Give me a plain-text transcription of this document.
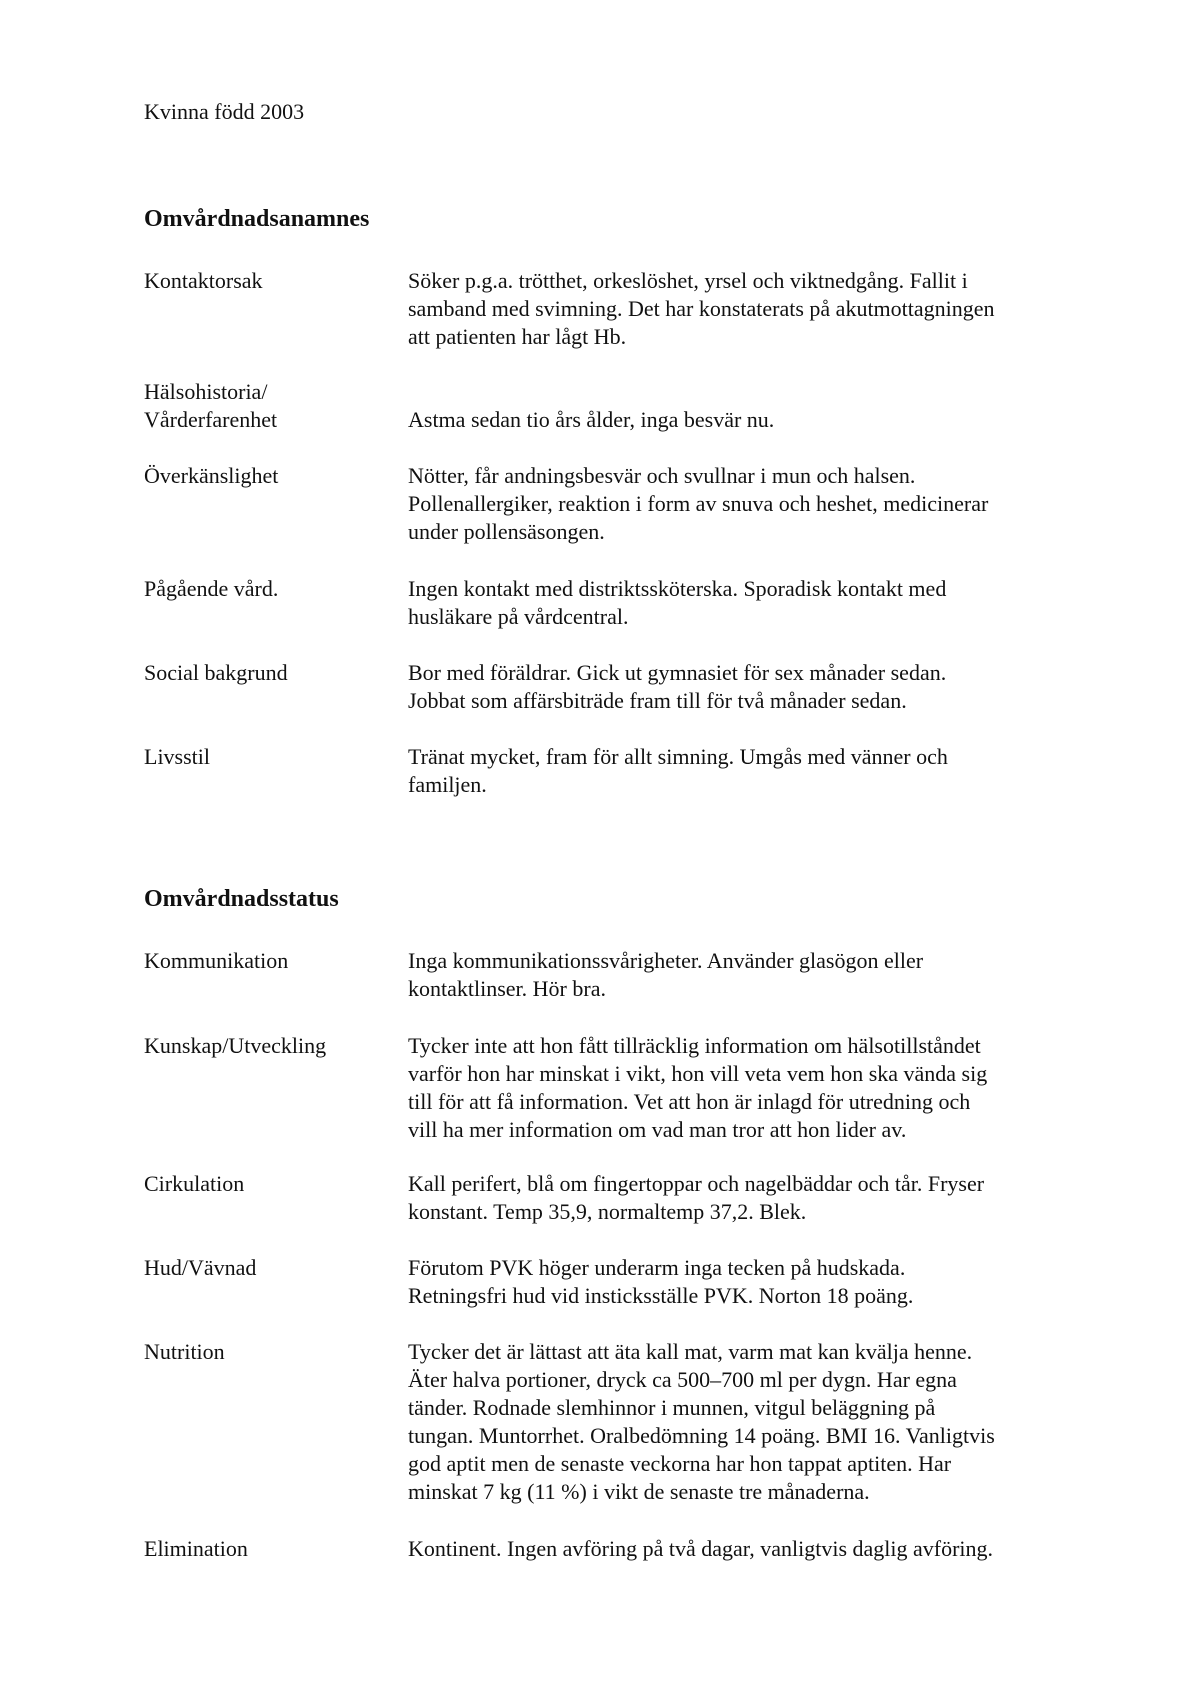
Kvinna född 2003

Omvårdnadsanamnes
Kontaktorsak	Söker p.g.a. trötthet, orkeslöshet, yrsel och viktnedgång. Fallit i
samband med svimning. Det har konstaterats på akutmottagningen
att patienten har lågt Hb.
Hälsohistoria/
Vårderfarenhet	Astma sedan tio års ålder, inga besvär nu.
Överkänslighet	Nötter, får andningsbesvär och svullnar i mun och halsen.
Pollenallergiker, reaktion i form av snuva och heshet, medicinerar
under pollensäsongen.
Pågående vård.	Ingen kontakt med distriktssköterska. Sporadisk kontakt med
husläkare på vårdcentral.
Social bakgrund	Bor med föräldrar. Gick ut gymnasiet för sex månader sedan.
Jobbat som affärsbiträde fram till för två månader sedan.
Livsstil	Tränat mycket, fram för allt simning. Umgås med vänner och
familjen.
Omvårdnadsstatus
Kommunikation	Inga kommunikationssvårigheter. Använder glasögon eller
kontaktlinser. Hör bra.
Kunskap/Utveckling	Tycker inte att hon fått tillräcklig information om hälsotillståndet
varför hon har minskat i vikt, hon vill veta vem hon ska vända sig
till för att få information. Vet att hon är inlagd för utredning och
vill ha mer information om vad man tror att hon lider av.
Cirkulation	Kall perifert, blå om fingertoppar och nagelbäddar och tår. Fryser
konstant. Temp 35,9, normaltemp 37,2. Blek.
Hud/Vävnad	Förutom PVK höger underarm inga tecken på hudskada.
Retningsfri hud vid insticksställe PVK. Norton 18 poäng.
Nutrition	Tycker det är lättast att äta kall mat, varm mat kan kvälja henne.
Äter halva portioner, dryck ca 500–700 ml per dygn. Har egna
tänder. Rodnade slemhinnor i munnen, vitgul beläggning på
tungan. Muntorrhet. Oralbedömning 14 poäng. BMI 16. Vanligtvis
god aptit men de senaste veckorna har hon tappat aptiten. Har
minskat 7 kg (11 %) i vikt de senaste tre månaderna.
Elimination	Kontinent. Ingen avföring på två dagar, vanligtvis daglig avföring.
